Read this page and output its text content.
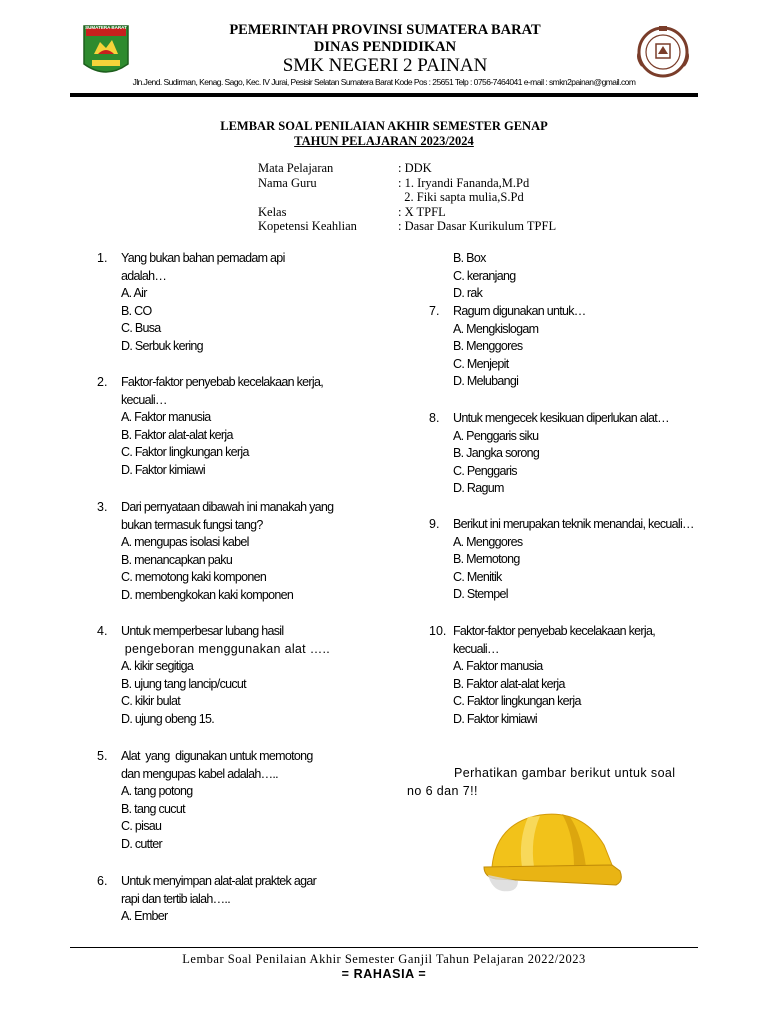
SUMATERA BARAT	PEMERINTAH PROVINSI SUMATERA BARAT
DINAS PENDIDIKAN
SMK NEGERI 2 PAINAN
Jln.Jend. Sudirman, Kenag. Sago, Kec. IV Jurai, Pesisir Selatan Sumatera Barat Kode Pos : 25651 Telp : 0756-7464041 e-mail : smkn2painan@gmail.com
LEMBAR SOAL PENILAIAN AKHIR SEMESTER GENAP
TAHUN PELAJARAN 2023/2024
Mata Pelajaran	: DDK
Nama Guru	: 1. Iryandi Fananda,M.Pd
	2. Fiki sapta mulia,S.Pd
Kelas	: X TPFL
Kopetensi Keahlian	: Dasar Dasar Kurikulum TPFL
1.	Yang bukan bahan pemadam api
adalah…
A. Air
B. CO
C. Busa
D. Serbuk kering
2.	Faktor-faktor penyebab kecelakaan kerja,
kecuali…
A. Faktor manusia
B. Faktor alat-alat kerja
C. Faktor lingkungan kerja
D. Faktor kimiawi
3.	Dari pernyataan dibawah ini manakah yang
bukan termasuk fungsi tang?
A. mengupas isolasi kabel
B. menancapkan paku
C. memotong kaki komponen
D. membengkokan kaki komponen
4.	Untuk memperbesar lubang hasil
pengeboran menggunakan alat …..
A. kikir segitiga
B. ujung tang lancip/cucut
C. kikir bulat
D. ujung obeng 15.
5.	Alat  yang  digunakan untuk memotong
dan mengupas kabel adalah…..
A. tang potong
B. tang cucut
C. pisau
D. cutter
6.	Untuk menyimpan alat-alat praktek agar
rapi dan tertib ialah…..
A. Ember
B. Box
C. keranjang
D. rak
7.	Ragum digunakan untuk…
A. Mengkislogam
B. Menggores
C. Menjepit
D. Melubangi
8.	Untuk mengecek kesikuan diperlukan alat…
A. Penggaris siku
B. Jangka sorong
C. Penggaris
D. Ragum
9.	Berikut ini merupakan teknik menandai, kecuali…
A. Menggores
B. Memotong
C. Menitik
D. Stempel
10. Faktor-faktor penyebab kecelakaan kerja,
kecuali…
A. Faktor manusia
B. Faktor alat-alat kerja
C. Faktor lingkungan kerja
D. Faktor kimiawi
Perhatikan gambar berikut untuk soal
no 6 dan 7!!
Lembar Soal Penilaian Akhir Semester Ganjil Tahun Pelajaran 2022/2023
= RAHASIA =
